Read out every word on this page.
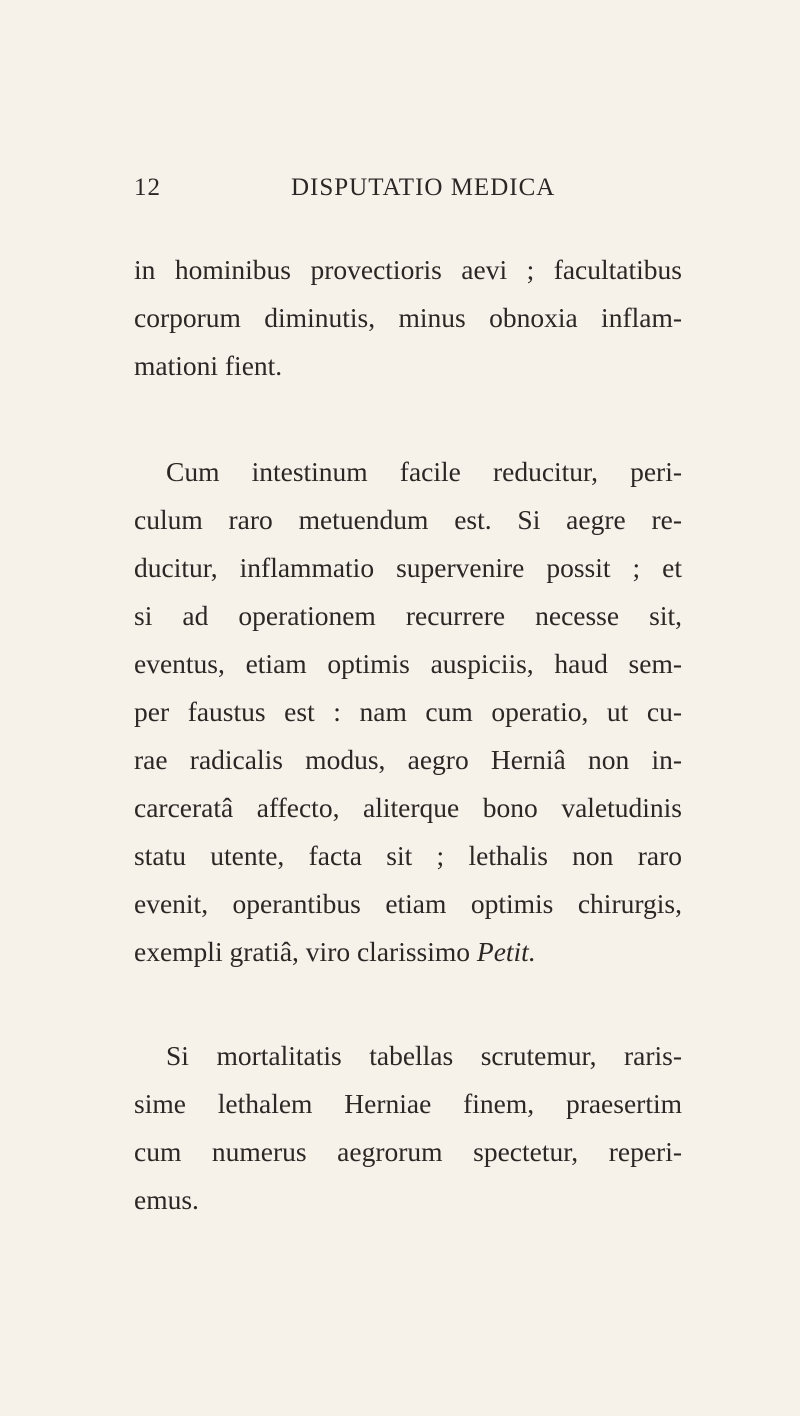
12	DISPUTATIO MEDICA
in hominibus provectioris aevi ; facultatibus
corporum diminutis, minus obnoxia inflam-
mationi fient.
Cum intestinum facile reducitur, peri-
culum raro metuendum est. Si aegre re-
ducitur, inflammatio supervenire possit ; et
si ad operationem recurrere necesse sit,
eventus, etiam optimis auspiciis, haud sem-
per faustus est : nam cum operatio, ut cu-
rae radicalis modus, aegro Herniâ non in-
carceratâ affecto, aliterque bono valetudinis
statu utente, facta sit ; lethalis non raro
evenit, operantibus etiam optimis chirurgis,
exempli gratiâ, viro clarissimo Petit.
Si mortalitatis tabellas scrutemur, raris-
sime lethalem Herniae finem, praesertim
cum numerus aegrorum spectetur, reperi-
emus.
